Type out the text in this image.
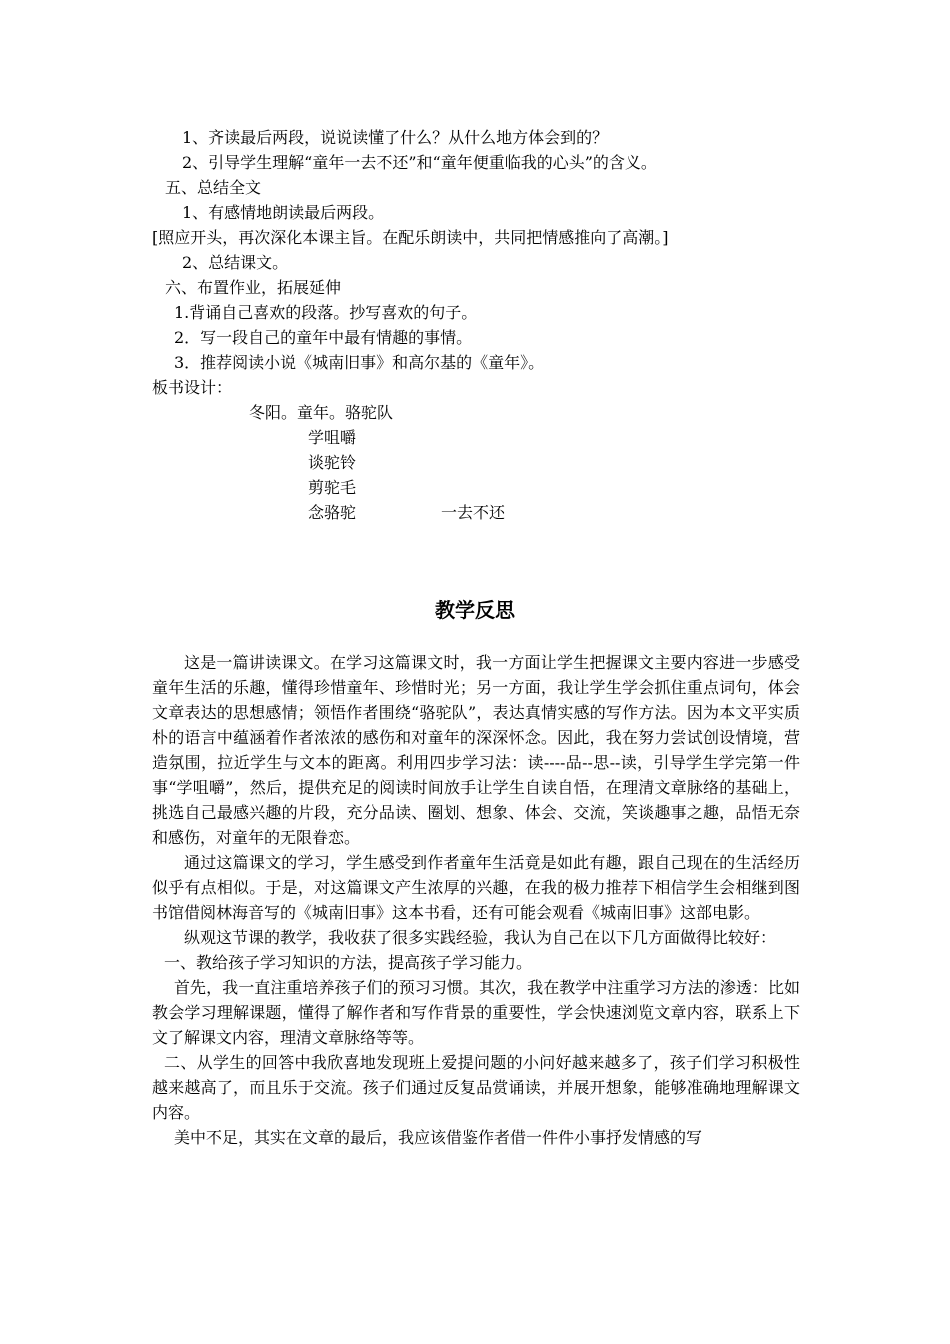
1、齐读最后两段，说说读懂了什么？从什么地方体会到的？
2、引导学生理解“童年一去不还”和“童年便重临我的心头”的含义。
五、总结全文
1、有感情地朗读最后两段。
[照应开头，再次深化本课主旨。在配乐朗读中，共同把情感推向了高潮。]
2、总结课文。
六、布置作业，拓展延伸
1.背诵自己喜欢的段落。抄写喜欢的句子。
2．写一段自己的童年中最有情趣的事情。
3．推荐阅读小说《城南旧事》和高尔基的《童年》。
板书设计：
冬阳。童年。骆驼队
学咀嚼
谈驼铃
剪驼毛
念骆驼	一去不还
教学反思

这是一篇讲读课文。在学习这篇课文时，我一方面让学生把握课文主要内容进一步感受童年生活的乐趣，懂得珍惜童年、珍惜时光；另一方面，我让学生学会抓住重点词句，体会文章表达的思想感情；领悟作者围绕“骆驼队”，表达真情实感的写作方法。因为本文平实质朴的语言中蕴涵着作者浓浓的感伤和对童年的深深怀念。因此，我在努力尝试创设情境，营造氛围，拉近学生与文本的距离。利用四步学习法：读----品--思--读，引导学生学完第一件事“学咀嚼”，然后，提供充足的阅读时间放手让学生自读自悟，在理清文章脉络的基础上，挑选自己最感兴趣的片段，充分品读、圈划、想象、体会、交流，笑谈趣事之趣，品悟无奈和感伤，对童年的无限眷恋。

通过这篇课文的学习，学生感受到作者童年生活竟是如此有趣，跟自己现在的生活经历似乎有点相似。于是，对这篇课文产生浓厚的兴趣，在我的极力推荐下相信学生会相继到图书馆借阅林海音写的《城南旧事》这本书看，还有可能会观看《城南旧事》这部电影。

纵观这节课的教学，我收获了很多实践经验，我认为自己在以下几方面做得比较好：

一、教给孩子学习知识的方法，提高孩子学习能力。

首先，我一直注重培养孩子们的预习习惯。其次，我在教学中注重学习方法的渗透：比如教会学习理解课题，懂得了解作者和写作背景的重要性，学会快速浏览文章内容，联系上下文了解课文内容，理清文章脉络等等。

二、从学生的回答中我欣喜地发现班上爱提问题的小问好越来越多了，孩子们学习积极性越来越高了，而且乐于交流。孩子们通过反复品赏诵读，并展开想象，能够准确地理解课文内容。

美中不足，其实在文章的最后，我应该借鉴作者借一件件小事抒发情感的写
